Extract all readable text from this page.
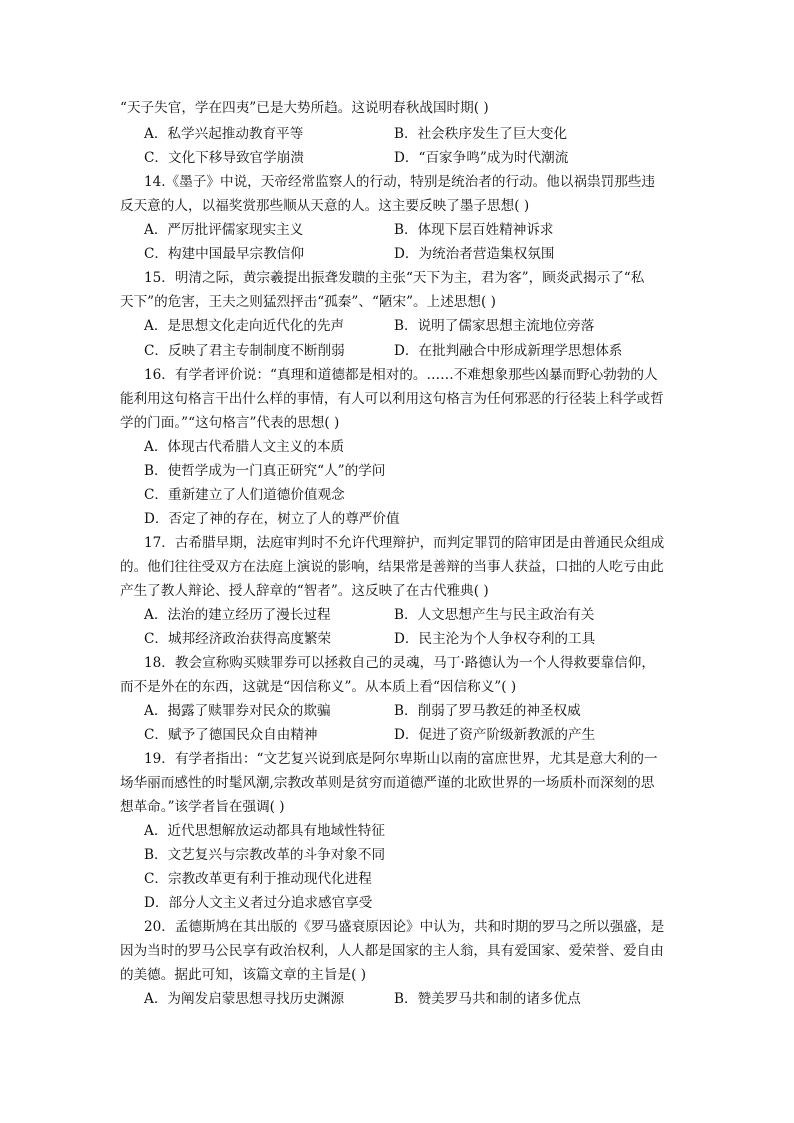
“天子失官，学在四夷”已是大势所趋。这说明春秋战国时期( )
A．私学兴起推动教育平等	B．社会秩序发生了巨大变化
C．文化下移导致官学崩溃	D．“百家争鸣”成为时代潮流
14.《墨子》中说，天帝经常监察人的行动，特别是统治者的行动。他以祸祟罚那些违
反天意的人，以福奖赏那些顺从天意的人。这主要反映了墨子思想( )
A．严厉批评儒家现实主义	B．体现下层百姓精神诉求
C．构建中国最早宗教信仰	D．为统治者营造集权氛围
15．明清之际，黄宗羲提出振聋发聩的主张“天下为主，君为客”，顾炎武揭示了“私
天下”的危害，王夫之则猛烈抨击“孤秦”、“陋宋”。上述思想( )
A．是思想文化走向近代化的先声	B．说明了儒家思想主流地位旁落
C．反映了君主专制制度不断削弱	D．在批判融合中形成新理学思想体系
16．有学者评价说：“真理和道德都是相对的。……不难想象那些凶暴而野心勃勃的人
能利用这句格言干出什么样的事情，有人可以利用这句格言为任何邪恶的行径装上科学或哲
学的门面。”“这句格言”代表的思想( )
A．体现古代希腊人文主义的本质
B．使哲学成为一门真正研究“人”的学问
C．重新建立了人们道德价值观念
D．否定了神的存在，树立了人的尊严价值
17．古希腊早期，法庭审判时不允许代理辩护，而判定罪罚的陪审团是由普通民众组成
的。他们往往受双方在法庭上演说的影响，结果常是善辩的当事人获益，口拙的人吃亏由此
产生了教人辩论、授人辞章的“智者”。这反映了在古代雅典( )
A．法治的建立经历了漫长过程	B．人文思想产生与民主政治有关
C．城邦经济政治获得高度繁荣	D．民主沦为个人争权夺利的工具
18．教会宣称购买赎罪券可以拯救自己的灵魂，马丁·路德认为一个人得救要靠信仰，
而不是外在的东西，这就是“因信称义”。从本质上看“因信称义”( )
A．揭露了赎罪券对民众的欺骗	B．削弱了罗马教廷的神圣权威
C．赋予了德国民众自由精神	D．促进了资产阶级新教派的产生
19．有学者指出：“文艺复兴说到底是阿尔卑斯山以南的富庶世界，尤其是意大利的一
场华丽而感性的时髦风潮,宗教改革则是贫穷而道德严谨的北欧世界的一场质朴而深刻的思
想革命。”该学者旨在强调( )
A．近代思想解放运动都具有地域性特征
B．文艺复兴与宗教改革的斗争对象不同
C．宗教改革更有利于推动现代化进程
D．部分人文主义者过分追求感官享受
20．孟德斯鸠在其出版的《罗马盛衰原因论》中认为，共和时期的罗马之所以强盛，是
因为当时的罗马公民享有政治权利，人人都是国家的主人翁，具有爱国家、爱荣誉、爱自由
的美德。据此可知，该篇文章的主旨是( )
A．为阐发启蒙思想寻找历史渊源	B．赞美罗马共和制的诸多优点
